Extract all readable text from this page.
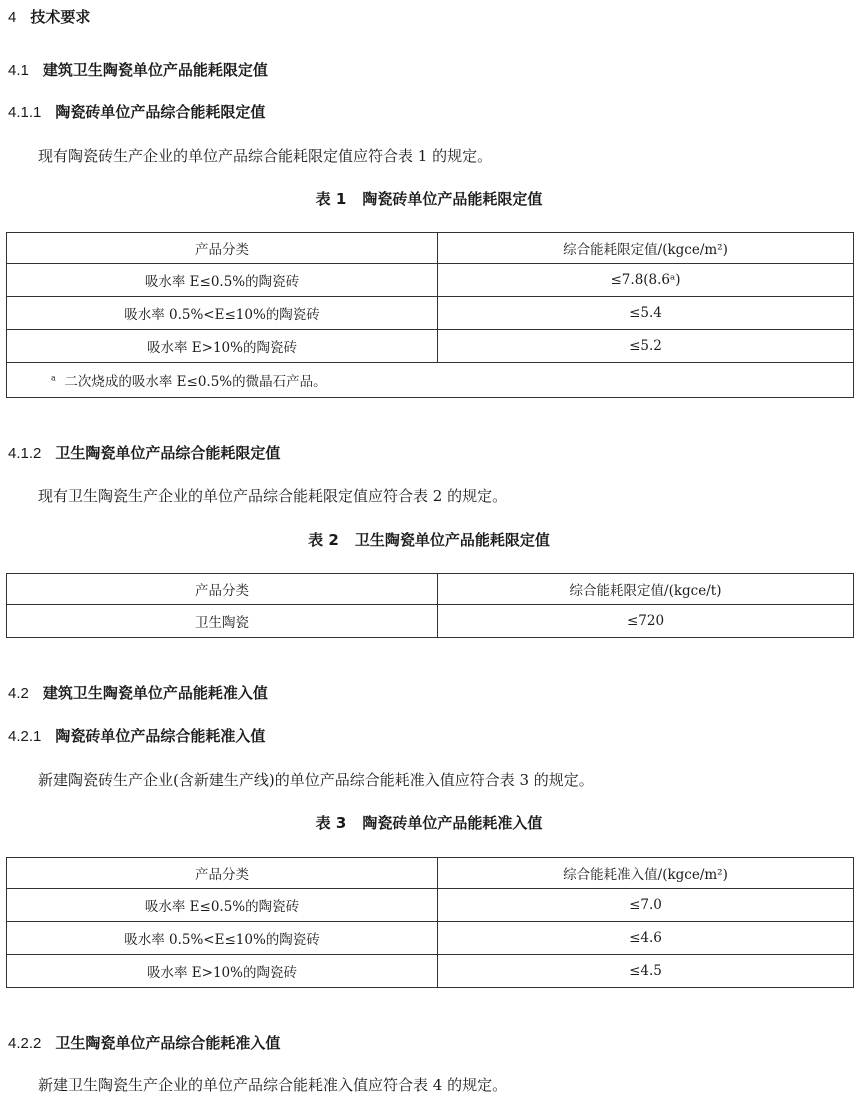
4 技术要求
4.1 建筑卫生陶瓷单位产品能耗限定值
4.1.1 陶瓷砖单位产品综合能耗限定值
现有陶瓷砖生产企业的单位产品综合能耗限定值应符合表 1 的规定。
表 1 陶瓷砖单位产品能耗限定值
产品分类	综合能耗限定值/(kgce/m²)
吸水率 E≤0.5%的陶瓷砖	≤7.8(8.6ᵃ)
吸水率 0.5%<E≤10%的陶瓷砖	≤5.4
吸水率 E>10%的陶瓷砖	≤5.2
$^a$ 二次烧成的吸水率 E≤0.5%的微晶石产品。	
4.1.2 卫生陶瓷单位产品综合能耗限定值
现有卫生陶瓷生产企业的单位产品综合能耗限定值应符合表 2 的规定。
表 2 卫生陶瓷单位产品能耗限定值
产品分类	综合能耗限定值/(kgce/t)
卫生陶瓷	≤720
4.2 建筑卫生陶瓷单位产品能耗准入值
4.2.1 陶瓷砖单位产品综合能耗准入值
新建陶瓷砖生产企业(含新建生产线)的单位产品综合能耗准入值应符合表 3 的规定。
表 3 陶瓷砖单位产品能耗准入值
产品分类	综合能耗准入值/(kgce/m²)
吸水率 E≤0.5%的陶瓷砖	≤7.0
吸水率 0.5%<E≤10%的陶瓷砖	≤4.6
吸水率 E>10%的陶瓷砖	≤4.5
4.2.2 卫生陶瓷单位产品综合能耗准入值
新建卫生陶瓷生产企业的单位产品综合能耗准入值应符合表 4 的规定。
